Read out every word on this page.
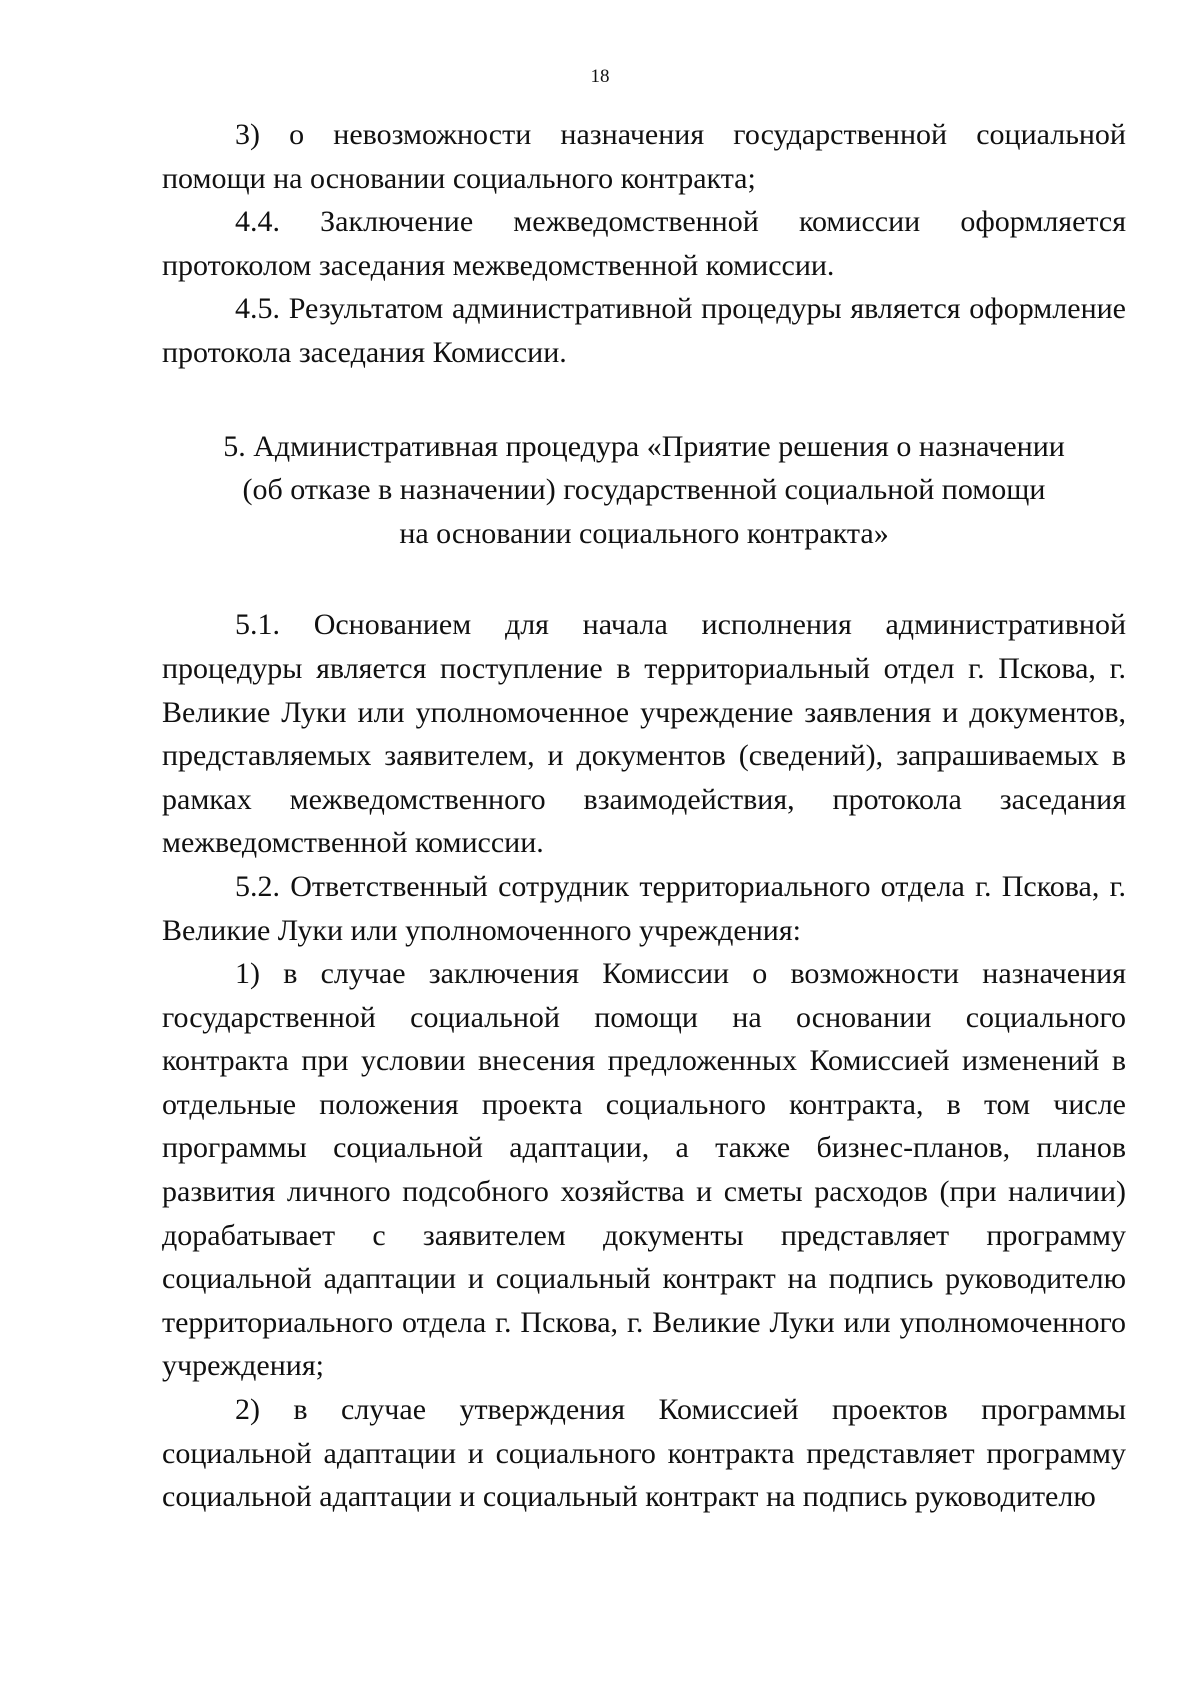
18

3) о невозможности назначения государственной социальной помощи на основании социального контракта;

4.4. Заключение межведомственной комиссии оформляется протоколом заседания межведомственной комиссии.

4.5. Результатом административной процедуры является оформление протокола заседания Комиссии.

5. Административная процедура «Приятие решения о назначении
(об отказе в назначении) государственной социальной помощи
на основании социального контракта»

5.1. Основанием для начала исполнения административной процедуры является поступление в территориальный отдел г. Пскова, г. Великие Луки или уполномоченное учреждение заявления и документов, представляемых заявителем, и документов (сведений), запрашиваемых в рамках межведомственного взаимодействия, протокола заседания межведомственной комиссии.

5.2. Ответственный сотрудник территориального отдела г. Пскова, г. Великие Луки или уполномоченного учреждения:

1) в случае заключения Комиссии о возможности назначения государственной социальной помощи на основании социального контракта при условии внесения предложенных Комиссией изменений в отдельные положения проекта социального контракта, в том числе программы социальной адаптации, а также бизнес-планов, планов развития личного подсобного хозяйства и сметы расходов (при наличии) дорабатывает с заявителем документы представляет программу социальной адаптации и социальный контракт на подпись руководителю территориального отдела г. Пскова, г. Великие Луки или уполномоченного учреждения;

2) в случае утверждения Комиссией проектов программы социальной адаптации и социального контракта представляет программу социальной адаптации и социальный контракт на подпись руководителю
